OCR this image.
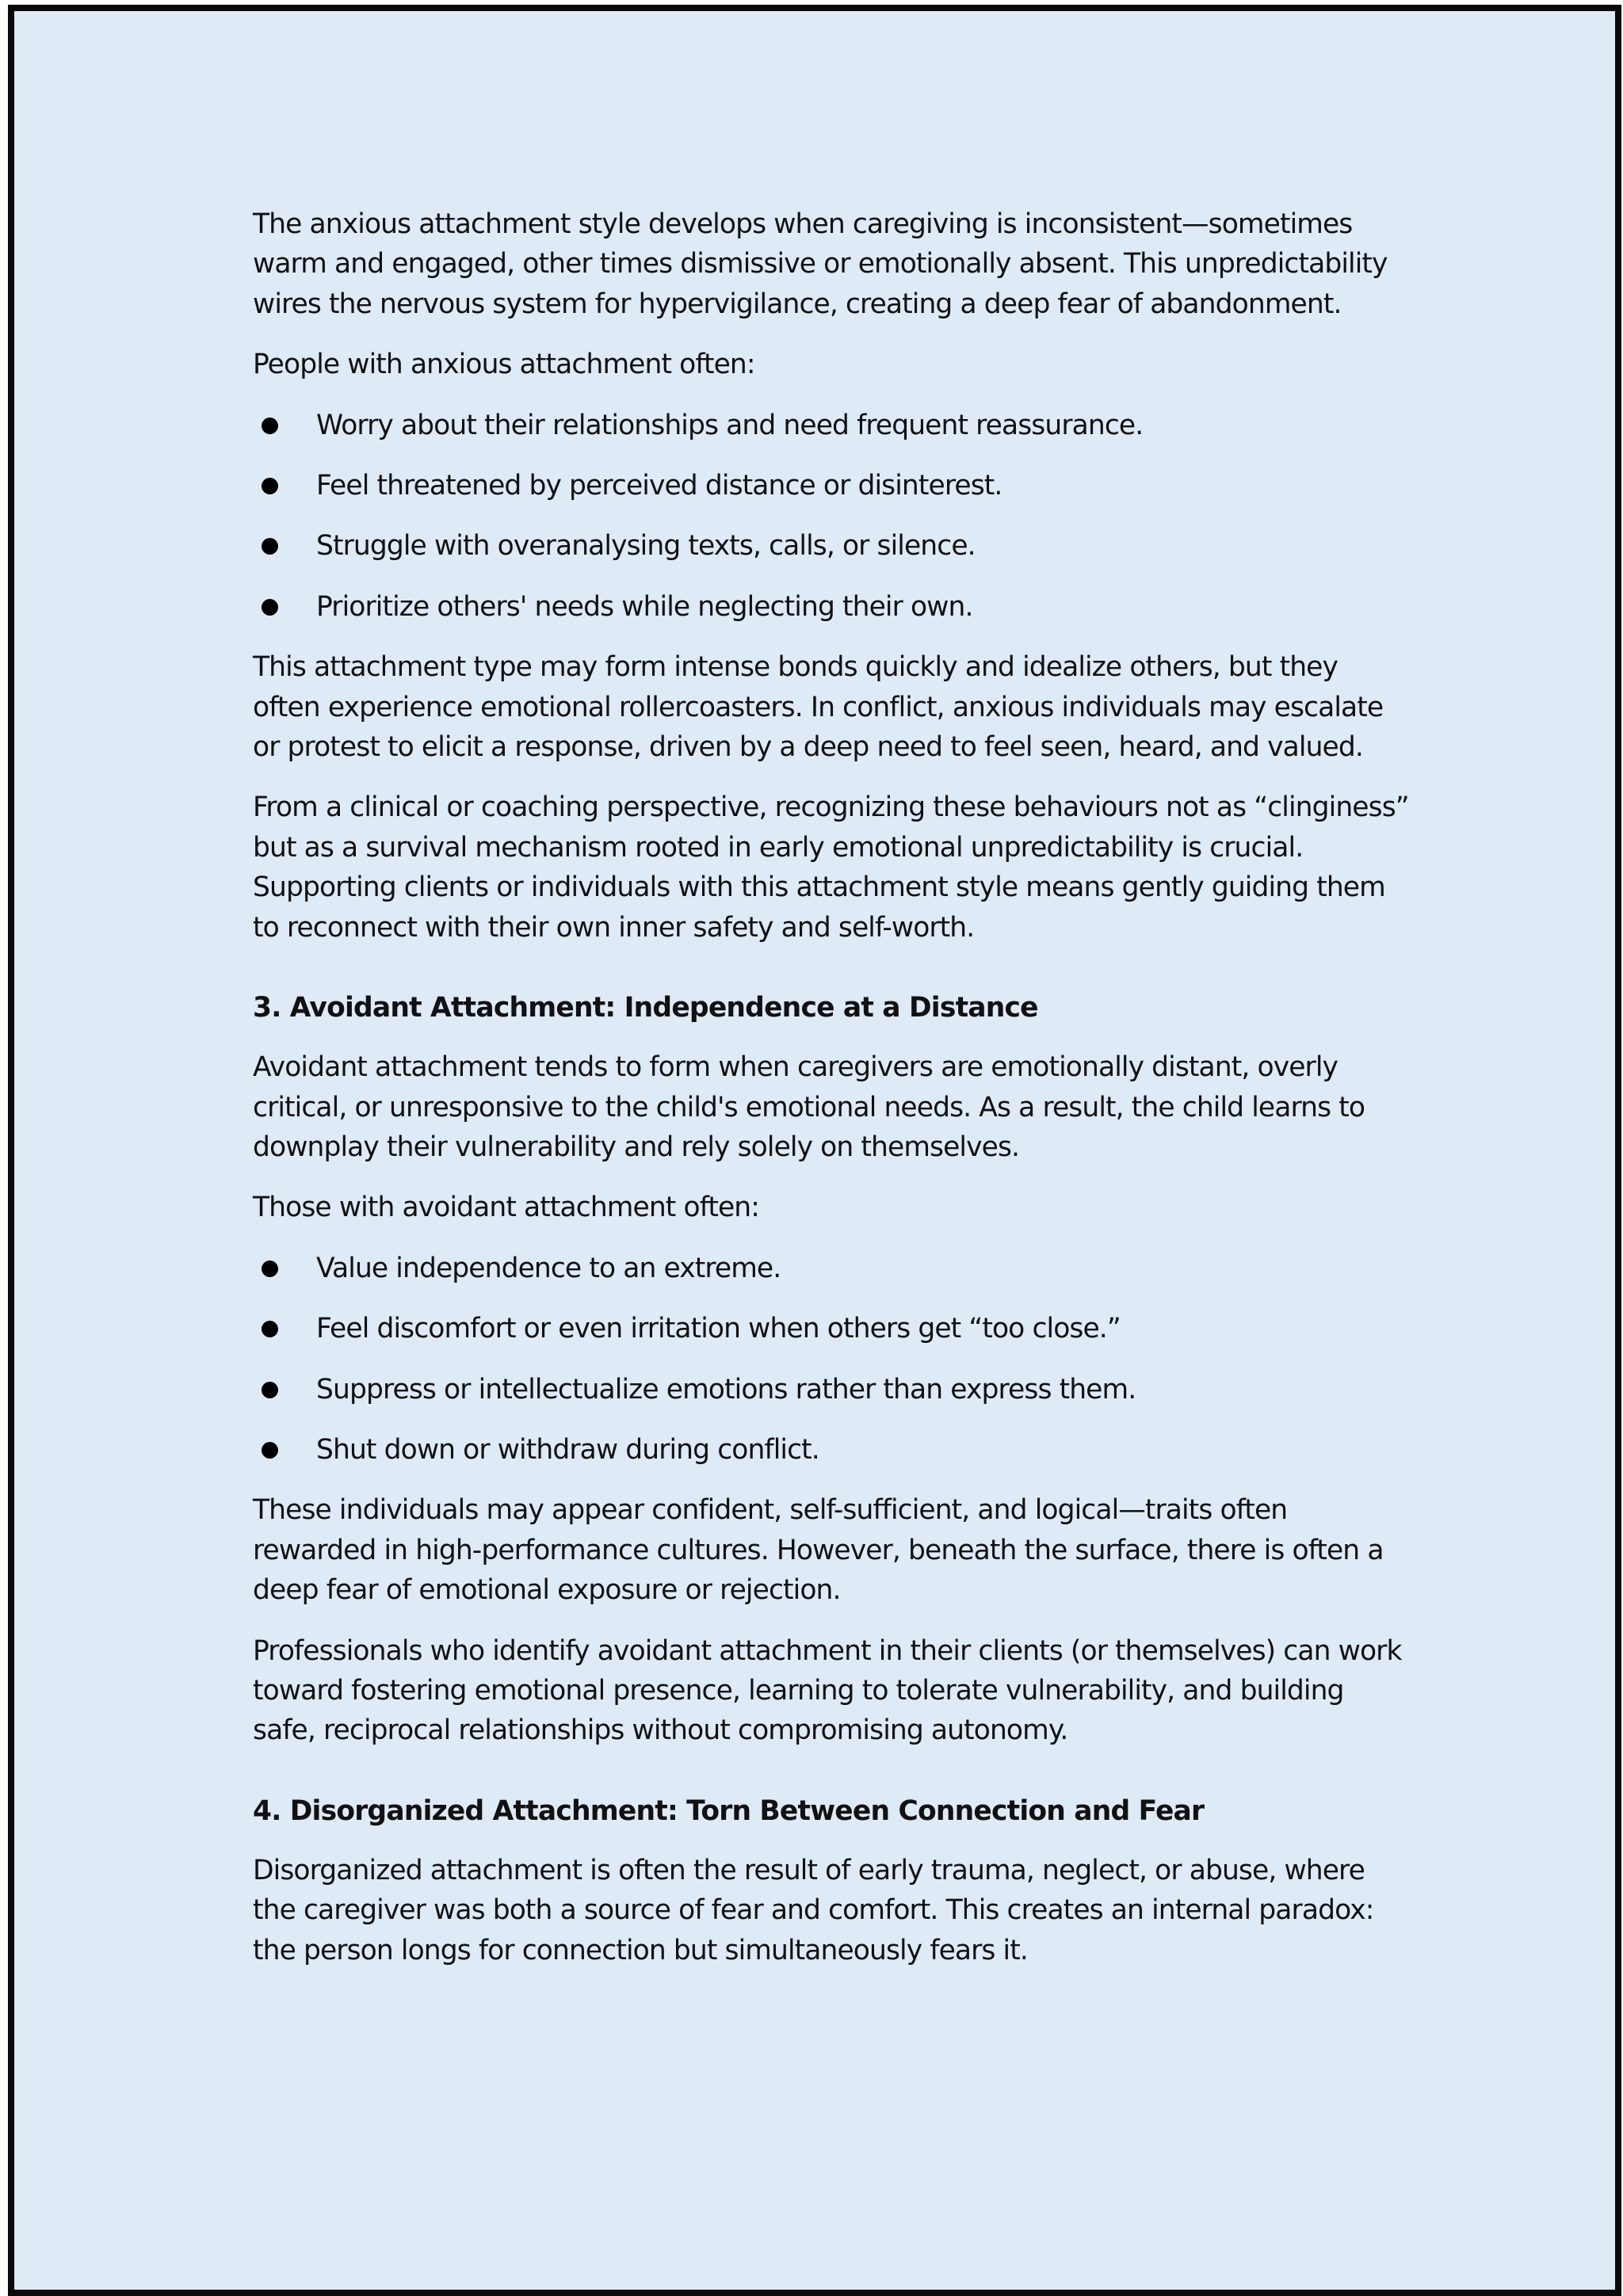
The anxious attachment style develops when caregiving is inconsistent—sometimes warm and engaged, other times dismissive or emotionally absent. This unpredictability wires the nervous system for hypervigilance, creating a deep fear of abandonment.

People with anxious attachment often:

Worry about their relationships and need frequent reassurance.
Feel threatened by perceived distance or disinterest.
Struggle with overanalysing texts, calls, or silence.
Prioritize others' needs while neglecting their own.

This attachment type may form intense bonds quickly and idealize others, but they often experience emotional rollercoasters. In conflict, anxious individuals may escalate or protest to elicit a response, driven by a deep need to feel seen, heard, and valued.

From a clinical or coaching perspective, recognizing these behaviours not as “clinginess” but as a survival mechanism rooted in early emotional unpredictability is crucial. Supporting clients or individuals with this attachment style means gently guiding them to reconnect with their own inner safety and self-worth.

3. Avoidant Attachment: Independence at a Distance

Avoidant attachment tends to form when caregivers are emotionally distant, overly critical, or unresponsive to the child's emotional needs. As a result, the child learns to downplay their vulnerability and rely solely on themselves.

Those with avoidant attachment often:

Value independence to an extreme.
Feel discomfort or even irritation when others get “too close.”
Suppress or intellectualize emotions rather than express them.
Shut down or withdraw during conflict.

These individuals may appear confident, self-sufficient, and logical—traits often rewarded in high-performance cultures. However, beneath the surface, there is often a deep fear of emotional exposure or rejection.

Professionals who identify avoidant attachment in their clients (or themselves) can work toward fostering emotional presence, learning to tolerate vulnerability, and building safe, reciprocal relationships without compromising autonomy.

4. Disorganized Attachment: Torn Between Connection and Fear

Disorganized attachment is often the result of early trauma, neglect, or abuse, where the caregiver was both a source of fear and comfort. This creates an internal paradox: the person longs for connection but simultaneously fears it.
